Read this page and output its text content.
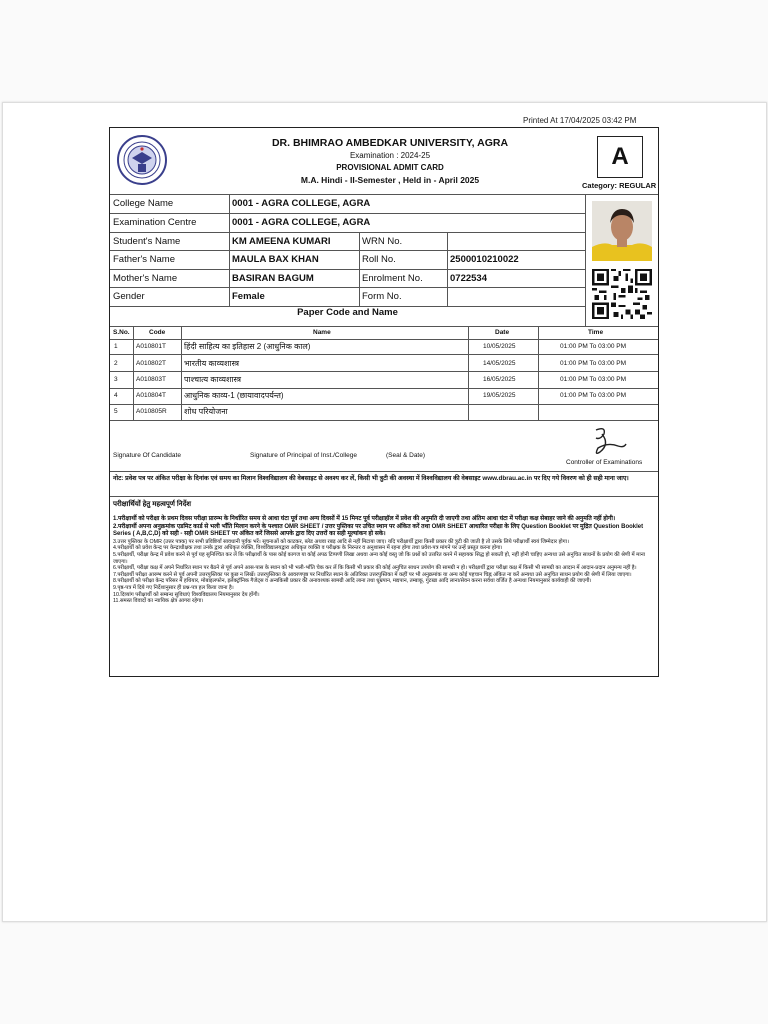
Printed At 17/04/2025 03:42 PM
DR. BHIMRAO AMBEDKAR UNIVERSITY, AGRA
Examination : 2024-25
PROVISIONAL ADMIT CARD
M.A. Hindi - II-Semester , Held in - April 2025
A
Category: REGULAR
College Name	0001 - AGRA COLLEGE, AGRA
Examination Centre	0001 - AGRA COLLEGE, AGRA
Student's Name	KM AMEENA KUMARI	WRN No.
Father's Name	MAULA BAX KHAN	Roll No.	2500010210022
Mother's Name	BASIRAN BAGUM	Enrolment No.	0722534
Gender	Female	Form No.
Paper Code and Name
S.No.	Code	Name	Date	Time
1	A010801T हिंदी साहित्य का इतिहास 2 (आधुनिक काल)	10/05/2025	01:00 PM To 03:00 PM
2	A010802T भारतीय काव्यशास्त्र	14/05/2025	01:00 PM To 03:00 PM
3	A010803T पाश्चात्य काव्यशास्त्र	16/05/2025	01:00 PM To 03:00 PM
4	A010804T आधुनिक काव्य-1 (छायावादपर्यन्त)	19/05/2025	01:00 PM To 03:00 PM
5	A010805R शोध परियोजना
Signature Of Candidate	Signature of Principal of Inst./College	(Seal & Date)
Controller of Examinations
नोट: प्रवेश पत्र पर अंकित परीक्षा के दिनांक एवं समय का मिलान विश्वविद्यालय की वेबसाइट से अवश्य कर लें, किसी भी त्रुटी की अवस्था में विश्वविद्यालय की वेबसाइट www.dbrau.ac.in पर दिए गये विवरण को ही सही माना जाए।
परीक्षार्थियों हेतु महत्वपूर्ण निर्देश
1.परीक्षार्थी को परीक्षा के प्रथम दिवस परीक्षा प्रारम्भ के निर्धारित समय से आधा घंटा पूर्व तथा अन्य दिवसों में 15 मिनट पूर्व परीक्षाहॉल में प्रवेश की अनुमति दी जाएगी तथा अंतिम आधा घंटा में परीक्षा कक्ष सेबाहर जाने की अनुमति नहीं होगी।
2.परीक्षार्थी अपना अनुक्रमांक एडमिट कार्ड से भली भाँति मिलान करने के पश्चात OMR SHEET / उत्तर पुस्तिका पर उचित स्थान पर अंकित करें तथा OMR SHEET आधारित परीक्षा के लिए Question Booklet पर मुद्रित Question Booklet Series ( A,B,C,D) को सही - सही OMR SHEET पर अंकित करें जिससे आपके द्वारा दिए उत्तरों का सही मूल्यांकन हो सके।
3.उत्तर पुस्तिका के OMR (उत्तर पत्रक) पर सभी प्रविष्टियाँ सावधानी पूर्वक भरें। सूचनाओं को काटकर, ब्लेड अथवा रबड़ आदि से नहीं मिटाया जाए। यदि परीक्षार्थी द्वारा किसी प्रकार की त्रुटी की जाती है तो उसके लिये परीक्षार्थी स्वयं जिम्मेदार होगा।
4.परीक्षार्थी को प्रवेश केन्द्र पर केन्द्राधीक्षक तथा उनके द्वारा अधिकृत व्यक्ति, विश्वविद्यालयद्वारा अधिकृत व्यक्ति व परीक्षक के निरन्तर व अनुशासन में रहना होगा तथा प्रवेश-पत्र मांगने पर उन्हें प्रस्तुत करना होगा।
5.परीक्षार्थी, परीक्षा केन्द्र में प्रवेश करने से पूर्व यह सुनिश्चित कर लें कि परीक्षार्थी के पास कोई कागज या कोई अपठ टिप्पणी लिखा अथवा अन्य कोई वस्तु जो कि प्रश्नों को उत्तरित करने में सहायक सिद्ध हो सकती हो, नहीं होनी चाहिए अन्यथा उसे अनुचित साधनों के प्रयोग की श्रेणी में माना जाएगा।
6.परीक्षार्थी, परीक्षा कक्ष में अपने निर्धारित स्थान पर बैठने से पूर्व अपने आस-पास के स्थान को भी भली-भाँति चेक कर लें कि किसी भी प्रकार की कोई अनुचित साधन उपयोग की सामग्री न हो। परीक्षार्थी द्वारा परीक्षा कक्ष में किसी भी सामग्री का आदान में आदान-प्रदान अनुमन्य नहीं है।
7.परीक्षार्थी परीक्षा आरम्भ करने से पूर्व अपनी उत्तरपुस्तिका पर कुछ न लिखें। उत्तरपुस्तिका के आवरणपृष्ठ पर निर्धारित स्थान के अतिरिक्त उत्तरपुस्तिका में कहीं पर भी अनुक्रमांक या अन्य कोई पहचान चिह्न अंकित ना करें अन्यथा उसे अनुचित साधन प्रयोग की श्रेणी में लिया जाएगा।
8.परीक्षार्थी को परीक्षा केन्द्र परिसर में हथियार, मोबाइलफोन, इलेक्ट्रॉनिक गैजेट्स व अन्यकिसी प्रकार की अनावश्यक सामग्री आदि लाना तथा धूम्रपान, मद्यपान, तम्बाकू, गुटखा आदि लाना/सेवन करना सर्वथा वर्जित है अन्यथा नियमानुसार कार्यवाही की जाएगी।
9.पृष्ठ-पत्र में दिये गए निर्देशानुसार ही प्रश्न-पत्र हल किया जाना है।
10.दिव्यांग परीक्षार्थी को सम्बन्ध सुविधाएं विश्वविद्यालय नियमानुसार देय होंगी।
11.समस्त विवादों का न्यायिक क्षेत्र आगरा रहेगा।
